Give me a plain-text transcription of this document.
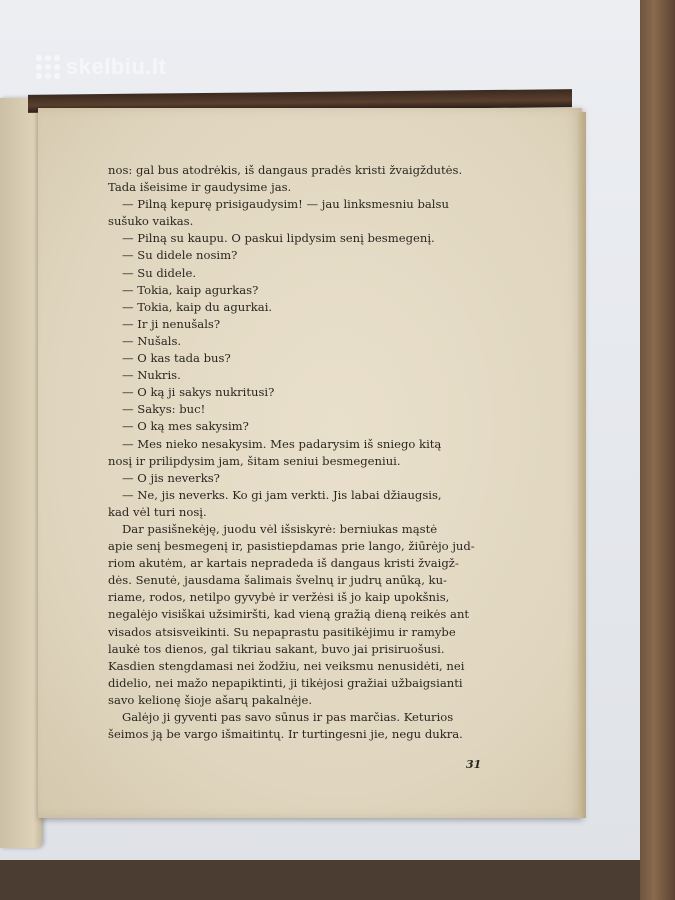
skelbiu.lt
nos: gal bus atodrėkis, iš dangaus pradės kristi žvaigždutės.
Tada išeisime ir gaudysime jas.
— Pilną kepurę prisigaudysim! — jau linksmesniu balsu
sušuko vaikas.
— Pilną su kaupu. O paskui lipdysim senį besmegenį.
— Su didele nosim?
— Su didele.
— Tokia, kaip agurkas?
— Tokia, kaip du agurkai.
— Ir ji nenušals?
— Nušals.
— O kas tada bus?
— Nukris.
— O ką ji sakys nukritusi?
— Sakys: buc!
— O ką mes sakysim?
— Mes nieko nesakysim. Mes padarysim iš sniego kitą
nosį ir prilipdysim jam, šitam seniui besmegeniui.
— O jis neverks?
— Ne, jis neverks. Ko gi jam verkti. Jis labai džiaugsis,
kad vėl turi nosį.
Dar pasišnekėję, juodu vėl išsiskyrė: berniukas mąstė
apie senį besmegenį ir, pasistiepdamas prie lango, žiūrėjo jud-
riom akutėm, ar kartais nepradeda iš dangaus kristi žvaigž-
dės. Senutė, jausdama šalimais švelnų ir judrų anūką, ku-
riame, rodos, netilpo gyvybė ir veržėsi iš jo kaip upokšnis,
negalėjo visiškai užsimiršti, kad vieną gražią dieną reikės ant
visados atsisveikinti. Su nepaprastu pasitikėjimu ir ramybe
laukė tos dienos, gal tikriau sakant, buvo jai prisiruošusi.
Kasdien stengdamasi nei žodžiu, nei veiksmu nenusidėti, nei
didelio, nei mažo nepapiktinti, ji tikėjosi gražiai užbaigsianti
savo kelionę šioje ašarų pakalnėje.
Galėjo ji gyventi pas savo sūnus ir pas marčias. Keturios
šeimos ją be vargo išmaitintų. Ir turtingesni jie, negu dukra.
31
